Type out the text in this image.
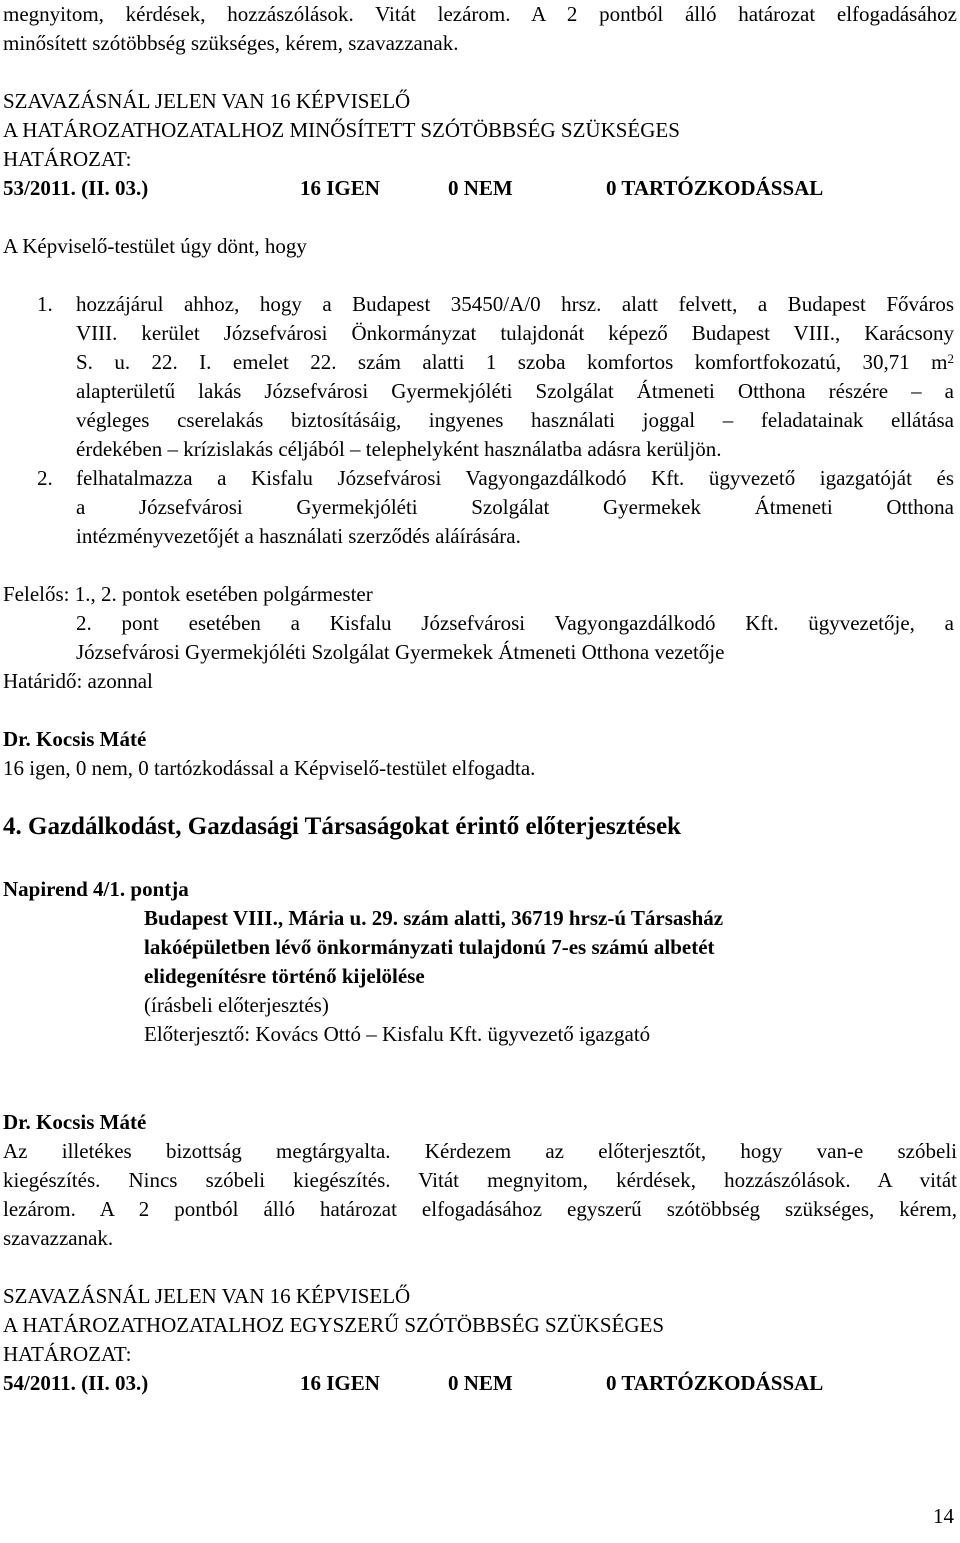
megnyitom, kérdések, hozzászólások. Vitát lezárom. A 2 pontból álló határozat elfogadásához
minősített szótöbbség szükséges, kérem, szavazzanak.
SZAVAZÁSNÁL JELEN VAN 16 KÉPVISELŐ
A HATÁROZATHOZATALHOZ MINŐSÍTETT SZÓTÖBBSÉG SZÜKSÉGES
HATÁROZAT:
53/2011. (II. 03.)	16 IGEN	0 NEM	0 TARTÓZKODÁSSAL
A Képviselő-testület úgy dönt, hogy
1. hozzájárul ahhoz, hogy a Budapest 35450/A/0 hrsz. alatt felvett, a Budapest Főváros
VIII. kerület Józsefvárosi Önkormányzat tulajdonát képező Budapest VIII., Karácsony
S. u. 22. I. emelet 22. szám alatti 1 szoba komfortos komfortfokozatú, 30,71 $m^2$
alapterületű lakás Józsefvárosi Gyermekjóléti Szolgálat Átmeneti Otthona részére – a
végleges cserelakás biztosításáig, ingyenes használati joggal – feladatainak ellátása
érdekében – krízislakás céljából – telephelyként használatba adásra kerüljön.
2. felhatalmazza a Kisfalu Józsefvárosi Vagyongazdálkodó Kft. ügyvezető igazgatóját és
a Józsefvárosi Gyermekjóléti Szolgálat Gyermekek Átmeneti Otthona
intézményvezetőjét a használati szerződés aláírására.
Felelős: 1., 2. pontok esetében polgármester
2. pont esetében a Kisfalu Józsefvárosi Vagyongazdálkodó Kft. ügyvezetője, a
Józsefvárosi Gyermekjóléti Szolgálat Gyermekek Átmeneti Otthona vezetője
Határidő: azonnal
Dr. Kocsis Máté
16 igen, 0 nem, 0 tartózkodással a Képviselő-testület elfogadta.
4. Gazdálkodást, Gazdasági Társaságokat érintő előterjesztések
Napirend 4/1. pontja
Budapest VIII., Mária u. 29. szám alatti, 36719 hrsz-ú Társasház
lakóépületben lévő önkormányzati tulajdonú 7-es számú albetét
elidegenítésre történő kijelölése
(írásbeli előterjesztés)
Előterjesztő: Kovács Ottó – Kisfalu Kft. ügyvezető igazgató
Dr. Kocsis Máté
Az illetékes bizottság megtárgyalta. Kérdezem az előterjesztőt, hogy van-e szóbeli
kiegészítés. Nincs szóbeli kiegészítés. Vitát megnyitom, kérdések, hozzászólások. A vitát
lezárom. A 2 pontból álló határozat elfogadásához egyszerű szótöbbség szükséges, kérem,
szavazzanak.
SZAVAZÁSNÁL JELEN VAN 16 KÉPVISELŐ
A HATÁROZATHOZATALHOZ EGYSZERŰ SZÓTÖBBSÉG SZÜKSÉGES
HATÁROZAT:
54/2011. (II. 03.)	16 IGEN	0 NEM	0 TARTÓZKODÁSSAL
14
